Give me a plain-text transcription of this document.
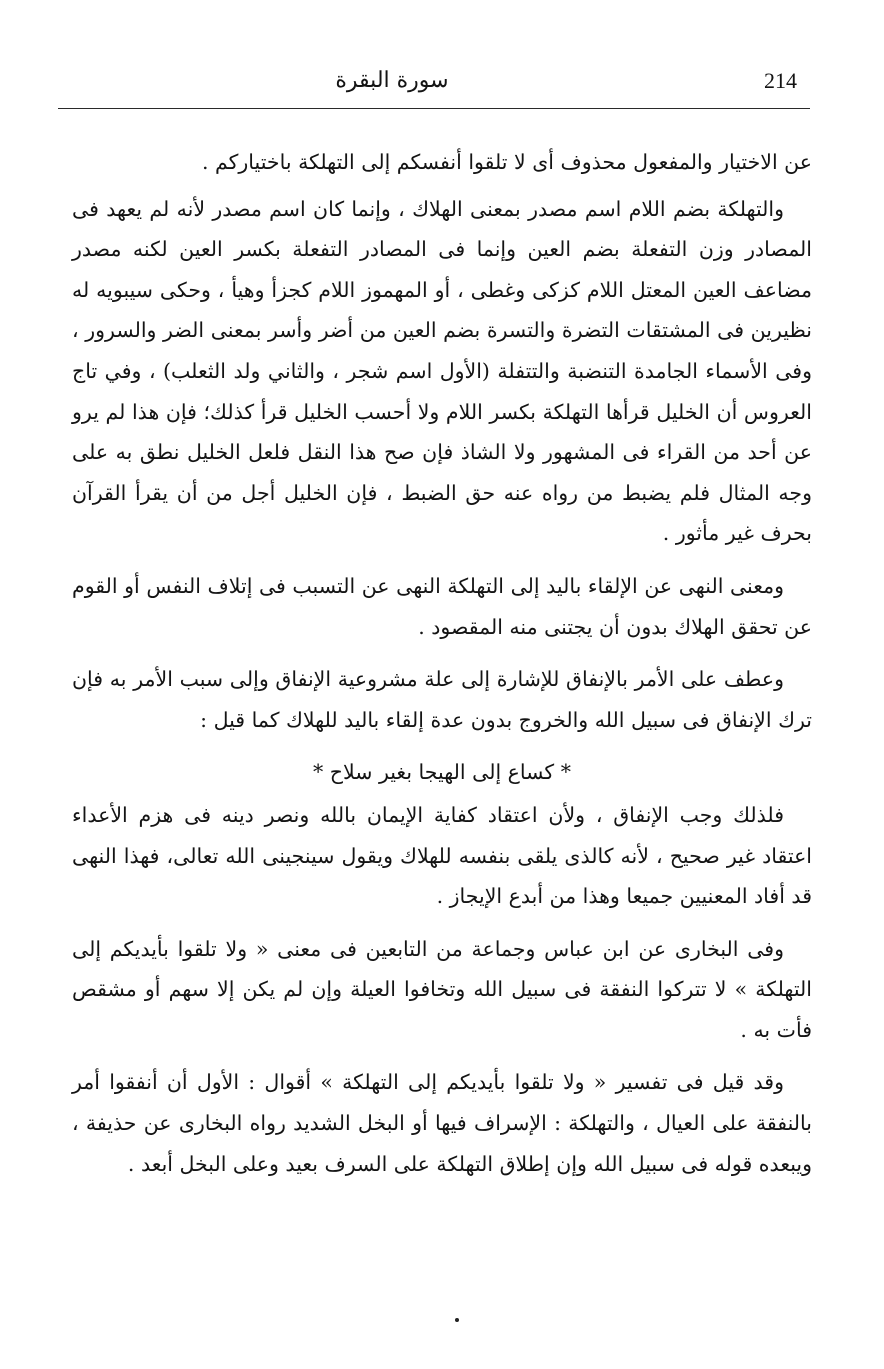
214
سورة البقرة

عن الاختيار والمفعول محذوف أى لا تلقوا أنفسكم إلى التهلكة باختياركم .

والتهلكة بضم اللام اسم مصدر بمعنى الهلاك ، وإنما كان اسم مصدر لأنه لم يعهد فى المصادر وزن التفعلة بضم العين وإنما فى المصادر التفعلة بكسر العين لكنه مصدر مضاعف العين المعتل اللام كزكى وغطى ، أو المهموز اللام كجزأ وهيأ ، وحكى سيبويه له نظيرين فى المشتقات التضرة والتسرة بضم العين من أضر وأسر بمعنى الضر والسرور ، وفى الأسماء الجامدة التنضبة والتتفلة (الأول اسم شجر ، والثاني ولد الثعلب) ، وفي تاج العروس أن الخليل قرأها التهلكة بكسر اللام ولا أحسب الخليل قرأ كذلك؛ فإن هذا لم يرو عن أحد من القراء فى المشهور ولا الشاذ فإن صح هذا النقل فلعل الخليل نطق به على وجه المثال فلم يضبط من رواه عنه حق الضبط ، فإن الخليل أجل من أن يقرأ القرآن بحرف غير مأثور .

ومعنى النهى عن الإلقاء باليد إلى التهلكة النهى عن التسبب فى إتلاف النفس أو القوم عن تحقق الهلاك بدون أن يجتنى منه المقصود .

وعطف على الأمر بالإنفاق للإشارة إلى علة مشروعية الإنفاق وإلى سبب الأمر به فإن ترك الإنفاق فى سبيل الله والخروج بدون عدة إلقاء باليد للهلاك كما قيل :

* كساع إلى الهيجا بغير سلاح *

فلذلك وجب الإنفاق ، ولأن اعتقاد كفاية الإيمان بالله ونصر دينه فى هزم الأعداء اعتقاد غير صحيح ، لأنه كالذى يلقى بنفسه للهلاك ويقول سينجينى الله تعالى، فهذا النهى قد أفاد المعنيين جميعا وهذا من أبدع الإيجاز .

وفى البخارى عن ابن عباس وجماعة من التابعين فى معنى « ولا تلقوا بأيديكم إلى التهلكة » لا تتركوا النفقة فى سبيل الله وتخافوا العيلة وإن لم يكن إلا سهم أو مشقص فأت به .

وقد قيل فى تفسير « ولا تلقوا بأيديكم إلى التهلكة » أقوال : الأول أن أنفقوا أمر بالنفقة على العيال ، والتهلكة : الإسراف فيها أو البخل الشديد رواه البخارى عن حذيفة ، ويبعده قوله فى سبيل الله وإن إطلاق التهلكة على السرف بعيد وعلى البخل أبعد .
